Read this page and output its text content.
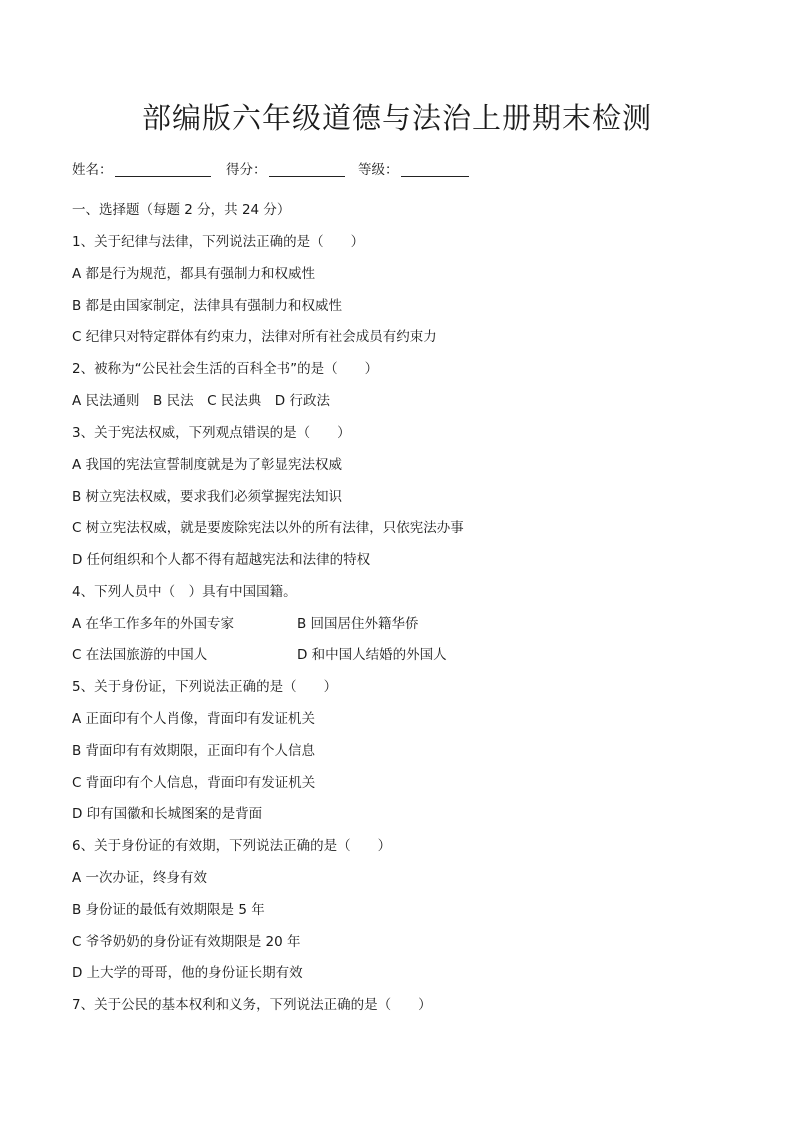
部编版六年级道德与法治上册期末检测
姓名：	得分：	等级：
一、选择题（每题 2 分，共 24 分）
1、关于纪律与法律，下列说法正确的是（　　）
A 都是行为规范，都具有强制力和权威性
B 都是由国家制定，法律具有强制力和权威性
C 纪律只对特定群体有约束力，法律对所有社会成员有约束力
2、被称为“公民社会生活的百科全书”的是（　　）
A 民法通则　B 民法　C 民法典　D 行政法
3、关于宪法权威，下列观点错误的是（　　）
A 我国的宪法宣誓制度就是为了彰显宪法权威
B 树立宪法权威，要求我们必须掌握宪法知识
C 树立宪法权威，就是要废除宪法以外的所有法律，只依宪法办事
D 任何组织和个人都不得有超越宪法和法律的特权
4、下列人员中（　）具有中国国籍。
A 在华工作多年的外国专家	B 回国居住外籍华侨
C 在法国旅游的中国人	D 和中国人结婚的外国人
5、关于身份证，下列说法正确的是（　　）
A 正面印有个人肖像，背面印有发证机关
B 背面印有有效期限，正面印有个人信息
C 背面印有个人信息，背面印有发证机关
D 印有国徽和长城图案的是背面
6、关于身份证的有效期，下列说法正确的是（　　）
A 一次办证，终身有效
B 身份证的最低有效期限是 5 年
C 爷爷奶奶的身份证有效期限是 20 年
D 上大学的哥哥，他的身份证长期有效
7、关于公民的基本权利和义务，下列说法正确的是（　　）
